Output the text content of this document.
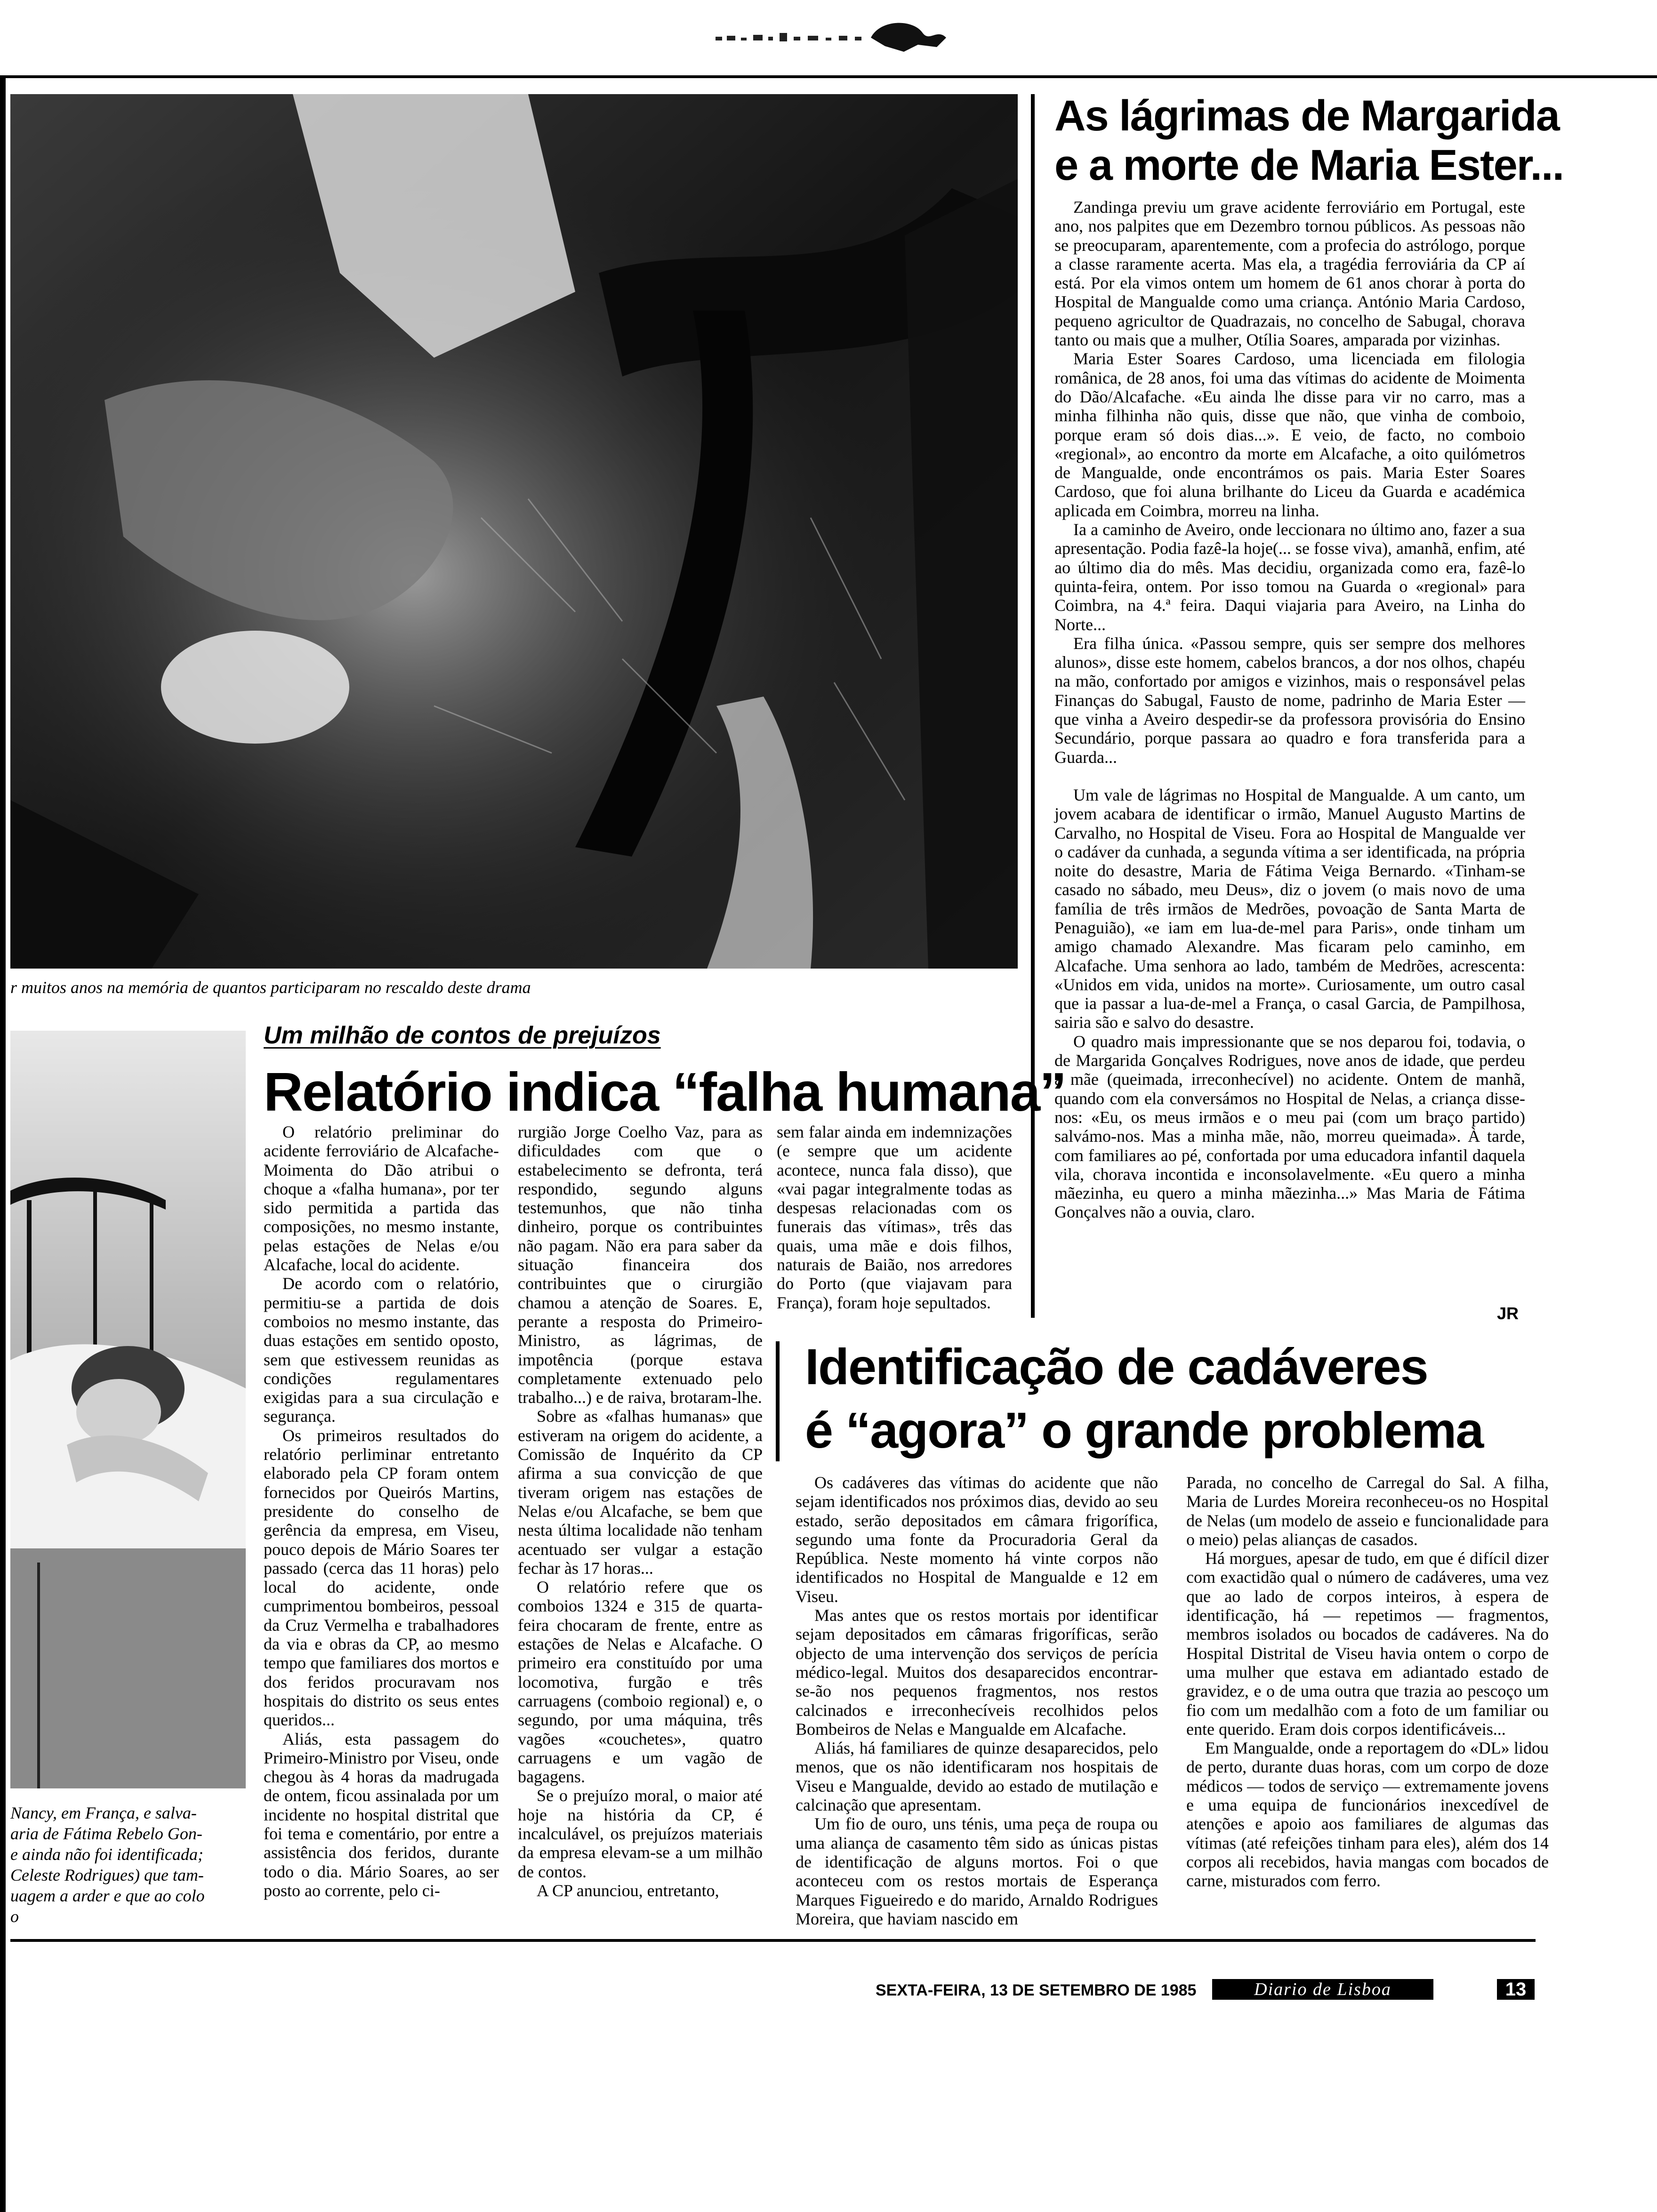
r muitos anos na memória de quantos participaram no rescaldo deste drama
As lágrimas de Margarida
e a morte de Maria Ester...

Zandinga previu um grave acidente ferroviário em Portugal, este ano, nos palpites que em Dezembro tornou públicos. As pessoas não se preocuparam, aparentemente, com a profecia do astrólogo, porque a classe raramente acerta. Mas ela, a tragédia ferroviária da CP aí está. Por ela vimos ontem um homem de 61 anos chorar à porta do Hospital de Mangualde como uma criança. António Maria Cardoso, pequeno agricultor de Quadrazais, no concelho de Sabugal, chorava tanto ou mais que a mulher, Otília Soares, amparada por vizinhas.

Maria Ester Soares Cardoso, uma licenciada em filologia românica, de 28 anos, foi uma das vítimas do acidente de Moimenta do Dão/Alcafache. «Eu ainda lhe disse para vir no carro, mas a minha filhinha não quis, disse que não, que vinha de comboio, porque eram só dois dias...». E veio, de facto, no comboio «regional», ao encontro da morte em Alcafache, a oito quilómetros de Mangualde, onde encontrámos os pais. Maria Ester Soares Cardoso, que foi aluna brilhante do Liceu da Guarda e académica aplicada em Coimbra, morreu na linha.

Ia a caminho de Aveiro, onde leccionara no último ano, fazer a sua apresentação. Podia fazê-la hoje(... se fosse viva), amanhã, enfim, até ao último dia do mês. Mas decidiu, organizada como era, fazê-lo quinta-feira, ontem. Por isso tomou na Guarda o «regional» para Coimbra, na 4.ª feira. Daqui viajaria para Aveiro, na Linha do Norte...

Era filha única. «Passou sempre, quis ser sempre dos melhores alunos», disse este homem, cabelos brancos, a dor nos olhos, chapéu na mão, confortado por amigos e vizinhos, mais o responsável pelas Finanças do Sabugal, Fausto de nome, padrinho de Maria Ester — que vinha a Aveiro despedir-se da professora provisória do Ensino Secundário, porque passara ao quadro e fora transferida para a Guarda...

Um vale de lágrimas no Hospital de Mangualde. A um canto, um jovem acabara de identificar o irmão, Manuel Augusto Martins de Carvalho, no Hospital de Viseu. Fora ao Hospital de Mangualde ver o cadáver da cunhada, a segunda vítima a ser identificada, na própria noite do desastre, Maria de Fátima Veiga Bernardo. «Tinham-se casado no sábado, meu Deus», diz o jovem (o mais novo de uma família de três irmãos de Medrões, povoação de Santa Marta de Penaguião), «e iam em lua-de-mel para Paris», onde tinham um amigo chamado Alexandre. Mas ficaram pelo caminho, em Alcafache. Uma senhora ao lado, também de Medrões, acrescenta: «Unidos em vida, unidos na morte». Curiosamente, um outro casal que ia passar a lua-de-mel a França, o casal Garcia, de Pampilhosa, sairia são e salvo do desastre.

O quadro mais impressionante que se nos deparou foi, todavia, o de Margarida Gonçalves Rodrigues, nove anos de idade, que perdeu a mãe (queimada, irreconhecível) no acidente. Ontem de manhã, quando com ela conversámos no Hospital de Nelas, a criança disse-nos: «Eu, os meus irmãos e o meu pai (com um braço partido) salvámo-nos. Mas a minha mãe, não, morreu queimada». À tarde, com familiares ao pé, confortada por uma educadora infantil daquela vila, chorava incontida e inconsolavelmente. «Eu quero a minha mãezinha, eu quero a minha mãezinha...» Mas Maria de Fátima Gonçalves não a ouvia, claro.

JR
Nancy, em França, e salva-
aria de Fátima Rebelo Gon-
e ainda não foi identificada;
Celeste Rodrigues) que tam-
uagem a arder e que ao colo
o
Um milhão de contos de prejuízos
Relatório indica “falha humana”

O relatório preliminar do acidente ferroviário de Alcafache-Moimenta do Dão atribui o choque a «falha humana», por ter sido permitida a partida das composições, no mesmo instante, pelas estações de Nelas e/ou Alcafache, local do acidente.

De acordo com o relatório, permitiu-se a partida de dois comboios no mesmo instante, das duas estações em sentido oposto, sem que estivessem reunidas as condições regulamentares exigidas para a sua circulação e segurança.

Os primeiros resultados do relatório perliminar entretanto elaborado pela CP foram ontem fornecidos por Queirós Martins, presidente do conselho de gerência da empresa, em Viseu, pouco depois de Mário Soares ter passado (cerca das 11 horas) pelo local do acidente, onde cumprimentou bombeiros, pessoal da Cruz Vermelha e trabalhadores da via e obras da CP, ao mesmo tempo que familiares dos mortos e dos feridos procuravam nos hospitais do distrito os seus entes queridos...

Aliás, esta passagem do Primeiro-Ministro por Viseu, onde chegou às 4 horas da madrugada de ontem, ficou assinalada por um incidente no hospital distrital que foi tema e comentário, por entre a assistência dos feridos, durante todo o dia. Mário Soares, ao ser posto ao corrente, pelo ci-

rurgião Jorge Coelho Vaz, para as dificuldades com que o estabelecimento se defronta, terá respondido, segundo alguns testemunhos, que não tinha dinheiro, porque os contribuintes não pagam. Não era para saber da situação financeira dos contribuintes que o cirurgião chamou a atenção de Soares. E, perante a resposta do Primeiro-Ministro, as lágrimas, de impotência (porque estava completamente extenuado pelo trabalho...) e de raiva, brotaram-lhe.

Sobre as «falhas humanas» que estiveram na origem do acidente, a Comissão de Inquérito da CP afirma a sua convicção de que tiveram origem nas estações de Nelas e/ou Alcafache, se bem que nesta última localidade não tenham acentuado ser vulgar a estação fechar às 17 horas...

O relatório refere que os comboios 1324 e 315 de quarta-feira chocaram de frente, entre as estações de Nelas e Alcafache. O primeiro era constituído por uma locomotiva, furgão e três carruagens (comboio regional) e, o segundo, por uma máquina, três vagões «couchetes», quatro carruagens e um vagão de bagagens.

Se o prejuízo moral, o maior até hoje na história da CP, é incalculável, os prejuízos materiais da empresa elevam-se a um milhão de contos.

A CP anunciou, entretanto,

sem falar ainda em indemnizações (e sempre que um acidente acontece, nunca fala disso), que «vai pagar integralmente todas as despesas relacionadas com os funerais das vítimas», três das quais, uma mãe e dois filhos, naturais de Baião, nos arredores do Porto (que viajavam para França), foram hoje sepultados.

Identificação de cadáveres
é “agora” o grande problema

Os cadáveres das vítimas do acidente que não sejam identificados nos próximos dias, devido ao seu estado, serão depositados em câmara frigorífica, segundo uma fonte da Procuradoria Geral da República. Neste momento há vinte corpos não identificados no Hospital de Mangualde e 12 em Viseu.

Mas antes que os restos mortais por identificar sejam depositados em câmaras frigoríficas, serão objecto de uma intervenção dos serviços de perícia médico-legal. Muitos dos desaparecidos encontrar-se-ão nos pequenos fragmentos, nos restos calcinados e irreconhecíveis recolhidos pelos Bombeiros de Nelas e Mangualde em Alcafache.

Aliás, há familiares de quinze desaparecidos, pelo menos, que os não identificaram nos hospitais de Viseu e Mangualde, devido ao estado de mutilação e calcinação que apresentam.

Um fio de ouro, uns ténis, uma peça de roupa ou uma aliança de casamento têm sido as únicas pistas de identificação de alguns mortos. Foi o que aconteceu com os restos mortais de Esperança Marques Figueiredo e do marido, Arnaldo Rodrigues Moreira, que haviam nascido em

Parada, no concelho de Carregal do Sal. A filha, Maria de Lurdes Moreira reconheceu-os no Hospital de Nelas (um modelo de asseio e funcionalidade para o meio) pelas alianças de casados.

Há morgues, apesar de tudo, em que é difícil dizer com exactidão qual o número de cadáveres, uma vez que ao lado de corpos inteiros, à espera de identificação, há — repetimos — fragmentos, membros isolados ou bocados de cadáveres. Na do Hospital Distrital de Viseu havia ontem o corpo de uma mulher que estava em adiantado estado de gravidez, e o de uma outra que trazia ao pescoço um fio com um medalhão com a foto de um familiar ou ente querido. Eram dois corpos identificáveis...

Em Mangualde, onde a reportagem do «DL» lidou de perto, durante duas horas, com um corpo de doze médicos — todos de serviço — extremamente jovens e uma equipa de funcionários inexcedível de atenções e apoio aos familiares de algumas das vítimas (até refeições tinham para eles), além dos 14 corpos ali recebidos, havia mangas com bocados de carne, misturados com ferro.

SEXTA-FEIRA, 13 DE SETEMBRO DE 1985	Diario de Lisboa	13
